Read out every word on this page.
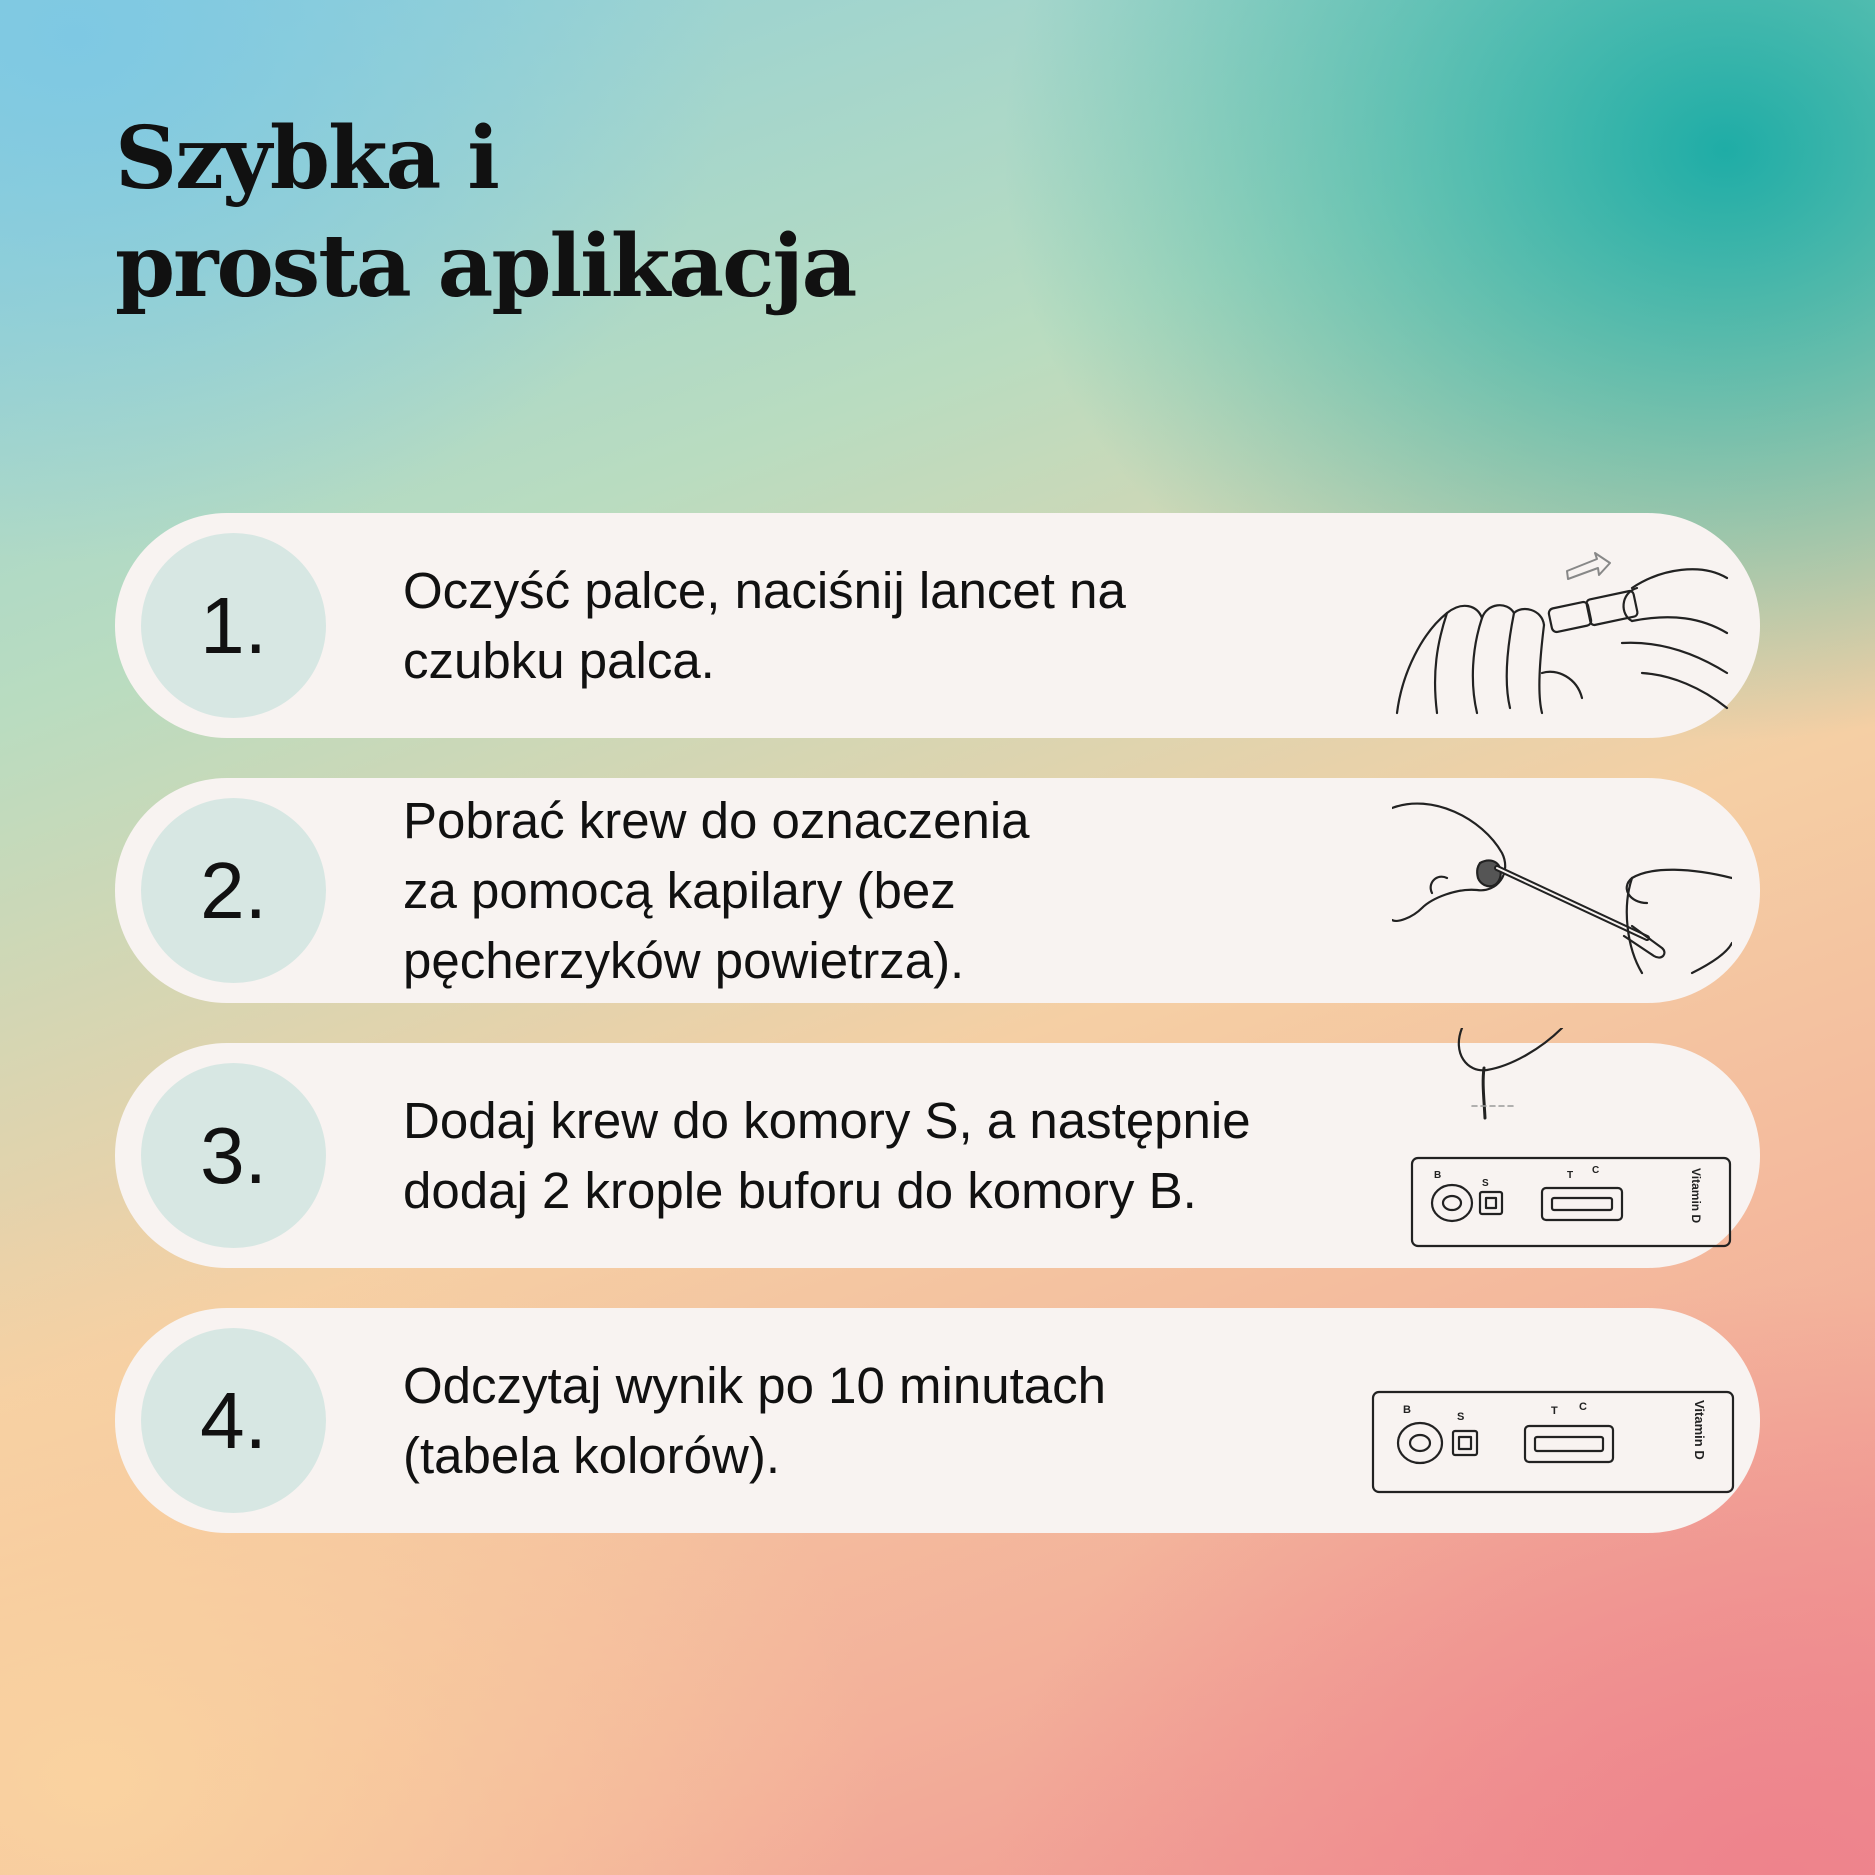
Szybka i
prosta aplikacja
1.	Oczyść palce, naciśnij lancet na
czubku palca.
2.
Pobrać krew do oznaczenia
za pomocą kapilary (bez
pęcherzyków powietrza).
3.	Dodaj krew do komory S, a następnie
dodaj 2 krople buforu do komory B.	B
S
T C	Vitamin D
4.	Odczytaj wynik po 10 minutach
(tabela kolorów).
B
S	T C	Vitamin D
